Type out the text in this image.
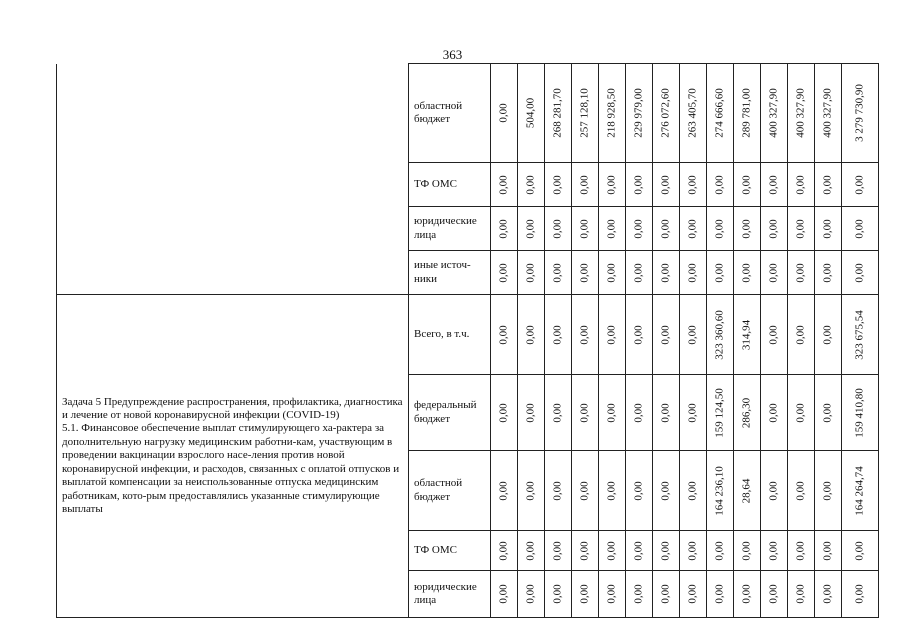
363
	областной бюджет	0,00	504,00	268 281,70	257 128,10	218 928,50	229 979,00	276 072,60	263 405,70	274 666,60	289 781,00	400 327,90	400 327,90	400 327,90	3 279 730,90

	ТФ ОМС	0,00	0,00	0,00	0,00	0,00	0,00	0,00	0,00	0,00	0,00	0,00	0,00	0,00	0,00

	юридические лица	0,00	0,00	0,00	0,00	0,00	0,00	0,00	0,00	0,00	0,00	0,00	0,00	0,00	0,00

	иные источ-ники	0,00	0,00	0,00	0,00	0,00	0,00	0,00	0,00	0,00	0,00	0,00	0,00	0,00	0,00

Задача 5 Предупреждение распространения, профилактика, диагностика и лечение от новой коронавирусной инфекции (COVID-19)
5.1. Финансовое обеспечение выплат стимулирующего ха-рактера за дополнительную нагрузку медицинским работни-кам, участвующим в проведении вакцинации взрослого насе-ления против новой коронавирусной инфекции, и расходов, связанных с оплатой отпусков и выплатой компенсации за неиспользованные отпуска медицинским работникам, кото-рым предоставлялись указанные стимулирующие выплаты	Всего, в т.ч.	0,00	0,00	0,00	0,00	0,00	0,00	0,00	0,00	323 360,60	314,94	0,00	0,00	0,00	323 675,54

	федеральный бюджет	0,00	0,00	0,00	0,00	0,00	0,00	0,00	0,00	159 124,50	286,30	0,00	0,00	0,00	159 410,80

	областной бюджет	0,00	0,00	0,00	0,00	0,00	0,00	0,00	0,00	164 236,10	28,64	0,00	0,00	0,00	164 264,74

	ТФ ОМС	0,00	0,00	0,00	0,00	0,00	0,00	0,00	0,00	0,00	0,00	0,00	0,00	0,00	0,00

	юридические лица	0,00	0,00	0,00	0,00	0,00	0,00	0,00	0,00	0,00	0,00	0,00	0,00	0,00	0,00
